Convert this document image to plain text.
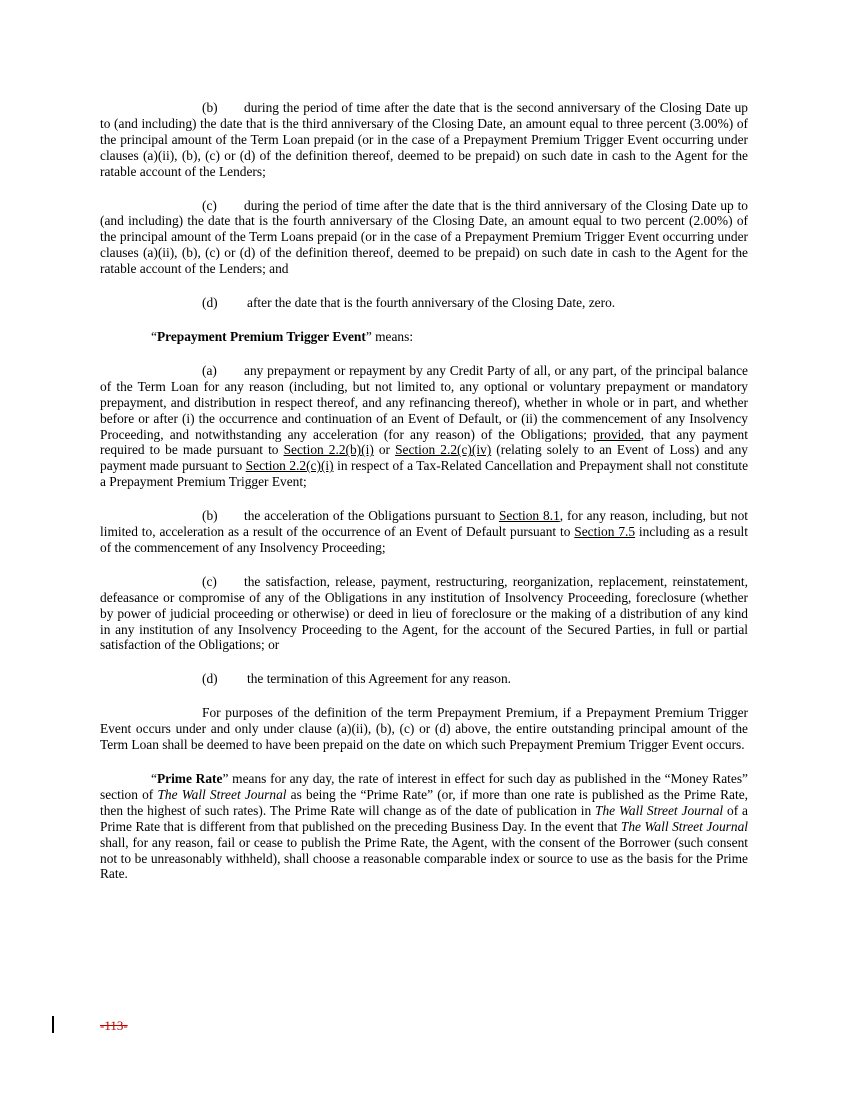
(b) during the period of time after the date that is the second anniversary of the Closing Date up to (and including) the date that is the third anniversary of the Closing Date, an amount equal to three percent (3.00%) of the principal amount of the Term Loan prepaid (or in the case of a Prepayment Premium Trigger Event occurring under clauses (a)(ii), (b), (c) or (d) of the definition thereof, deemed to be prepaid) on such date in cash to the Agent for the ratable account of the Lenders;

(c) during the period of time after the date that is the third anniversary of the Closing Date up to (and including) the date that is the fourth anniversary of the Closing Date, an amount equal to two percent (2.00%) of the principal amount of the Term Loans prepaid (or in the case of a Prepayment Premium Trigger Event occurring under clauses (a)(ii), (b), (c) or (d) of the definition thereof, deemed to be prepaid) on such date in cash to the Agent for the ratable account of the Lenders; and

(d) after the date that is the fourth anniversary of the Closing Date, zero.

“Prepayment Premium Trigger Event” means:

(a) any prepayment or repayment by any Credit Party of all, or any part, of the principal balance of the Term Loan for any reason (including, but not limited to, any optional or voluntary prepayment or mandatory prepayment, and distribution in respect thereof, and any refinancing thereof), whether in whole or in part, and whether before or after (i) the occurrence and continuation of an Event of Default, or (ii) the commencement of any Insolvency Proceeding, and notwithstanding any acceleration (for any reason) of the Obligations; provided, that any payment required to be made pursuant to Section 2.2(b)(i) or Section 2.2(c)(iv) (relating solely to an Event of Loss) and any payment made pursuant to Section 2.2(c)(i) in respect of a Tax-Related Cancellation and Prepayment shall not constitute a Prepayment Premium Trigger Event;

(b) the acceleration of the Obligations pursuant to Section 8.1, for any reason, including, but not limited to, acceleration as a result of the occurrence of an Event of Default pursuant to Section 7.5 including as a result of the commencement of any Insolvency Proceeding;

(c) the satisfaction, release, payment, restructuring, reorganization, replacement, reinstatement, defeasance or compromise of any of the Obligations in any institution of Insolvency Proceeding, foreclosure (whether by power of judicial proceeding or otherwise) or deed in lieu of foreclosure or the making of a distribution of any kind in any institution of any Insolvency Proceeding to the Agent, for the account of the Secured Parties, in full or partial satisfaction of the Obligations; or

(d) the termination of this Agreement for any reason.

For purposes of the definition of the term Prepayment Premium, if a Prepayment Premium Trigger Event occurs under and only under clause (a)(ii), (b), (c) or (d) above, the entire outstanding principal amount of the Term Loan shall be deemed to have been prepaid on the date on which such Prepayment Premium Trigger Event occurs.

“Prime Rate” means for any day, the rate of interest in effect for such day as published in the “Money Rates” section of The Wall Street Journal as being the “Prime Rate” (or, if more than one rate is published as the Prime Rate, then the highest of such rates). The Prime Rate will change as of the date of publication in The Wall Street Journal of a Prime Rate that is different from that published on the preceding Business Day. In the event that The Wall Street Journal shall, for any reason, fail or cease to publish the Prime Rate, the Agent, with the consent of the Borrower (such consent not to be unreasonably withheld), shall choose a reasonable comparable index or source to use as the basis for the Prime Rate.

-113-
